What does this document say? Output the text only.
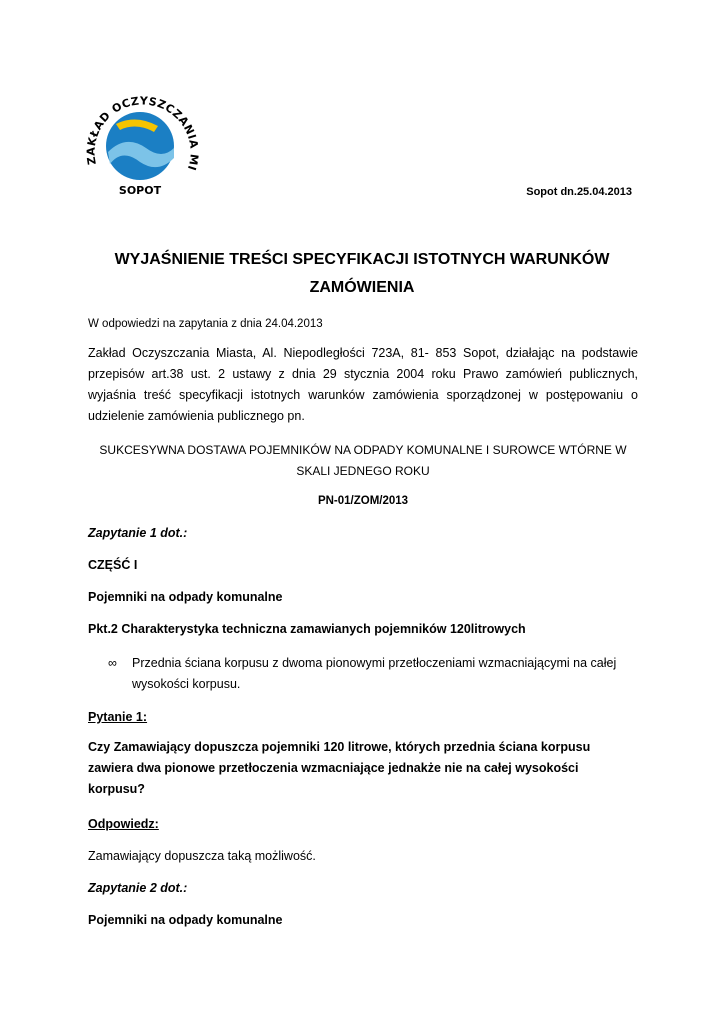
ZAKŁAD OCZYSZCZANIA MI
SOPOT	Sopot dn.25.04.2013
WYJAŚNIENIE TREŚCI SPECYFIKACJI ISTOTNYCH WARUNKÓW ZAMÓWIENIA
W odpowiedzi na zapytania z dnia 24.04.2013
Zakład Oczyszczania Miasta, Al. Niepodległości 723A, 81- 853 Sopot, działając na podstawie przepisów art.38 ust. 2 ustawy z dnia 29 stycznia 2004 roku Prawo zamówień publicznych, wyjaśnia treść specyfikacji istotnych warunków zamówienia sporządzonej w postępowaniu o udzielenie zamówienia publicznego pn.
SUKCESYWNA DOSTAWA POJEMNIKÓW NA ODPADY KOMUNALNE I SUROWCE WTÓRNE W SKALI JEDNEGO ROKU
PN-01/ZOM/2013
Zapytanie 1 dot.:
CZĘŚĆ I
Pojemniki na odpady komunalne
Pkt.2 Charakterystyka techniczna zamawianych pojemników 120litrowych
∞	Przednia ściana korpusu z dwoma pionowymi przetłoczeniami wzmacniającymi na całej wysokości korpusu.
Pytanie 1:
Czy Zamawiający dopuszcza pojemniki 120 litrowe, których przednia ściana korpusu zawiera dwa pionowe przetłoczenia wzmacniające jednakże nie na całej wysokości korpusu?
Odpowiedz:
Zamawiający dopuszcza taką możliwość.
Zapytanie 2 dot.:
Pojemniki na odpady komunalne
